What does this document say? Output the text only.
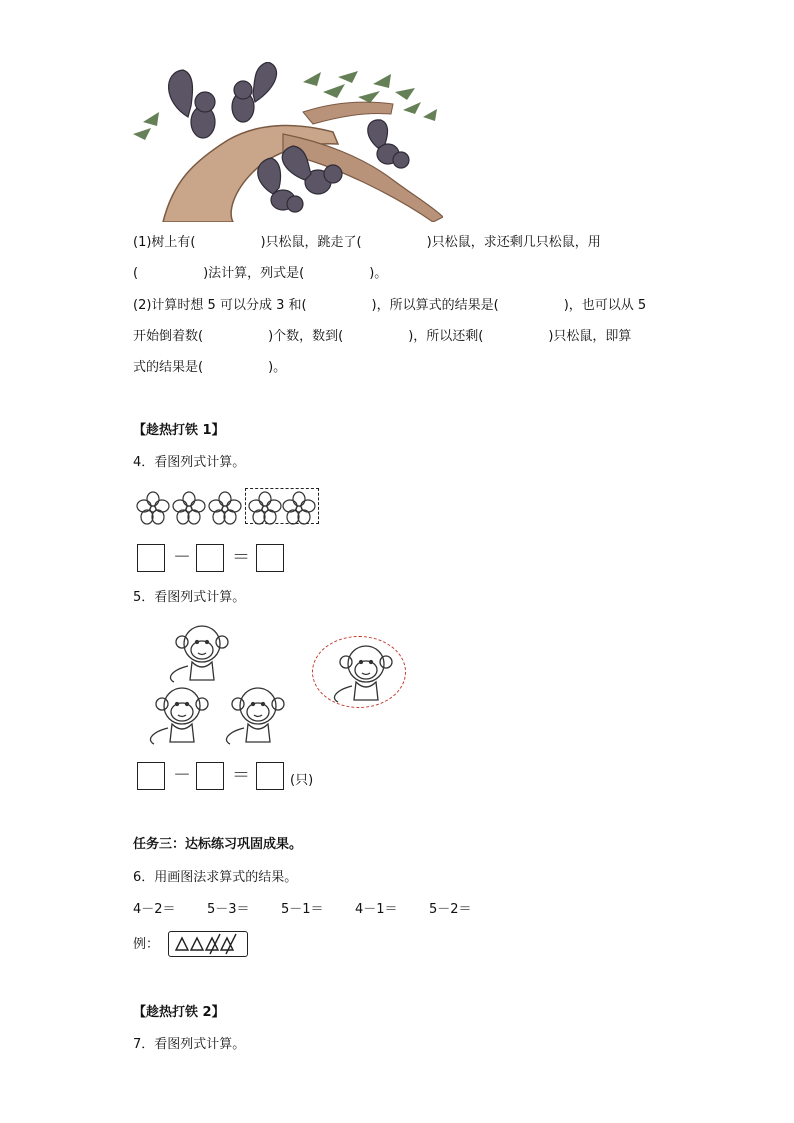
(1)树上有(　　　　　)只松鼠，跳走了(　　　　　)只松鼠，求还剩几只松鼠，用
(　　　　　)法计算，列式是(　　　　　)。
(2)计算时想 5 可以分成 3 和(　　　　　)，所以算式的结果是(　　　　　)，也可以从 5
开始倒着数(　　　　　)个数，数到(　　　　　)，所以还剩(　　　　　)只松鼠，即算
式的结果是(　　　　　)。
【趁热打铁 1】
4．看图列式计算。
－ ＝
5．看图列式计算。
－ ＝	(只)
任务三：达标练习巩固成果。
6．用画图法求算式的结果。
4－2＝ 5－3＝ 5－1＝ 4－1＝ 5－2＝
例：
【趁热打铁 2】
7．看图列式计算。
